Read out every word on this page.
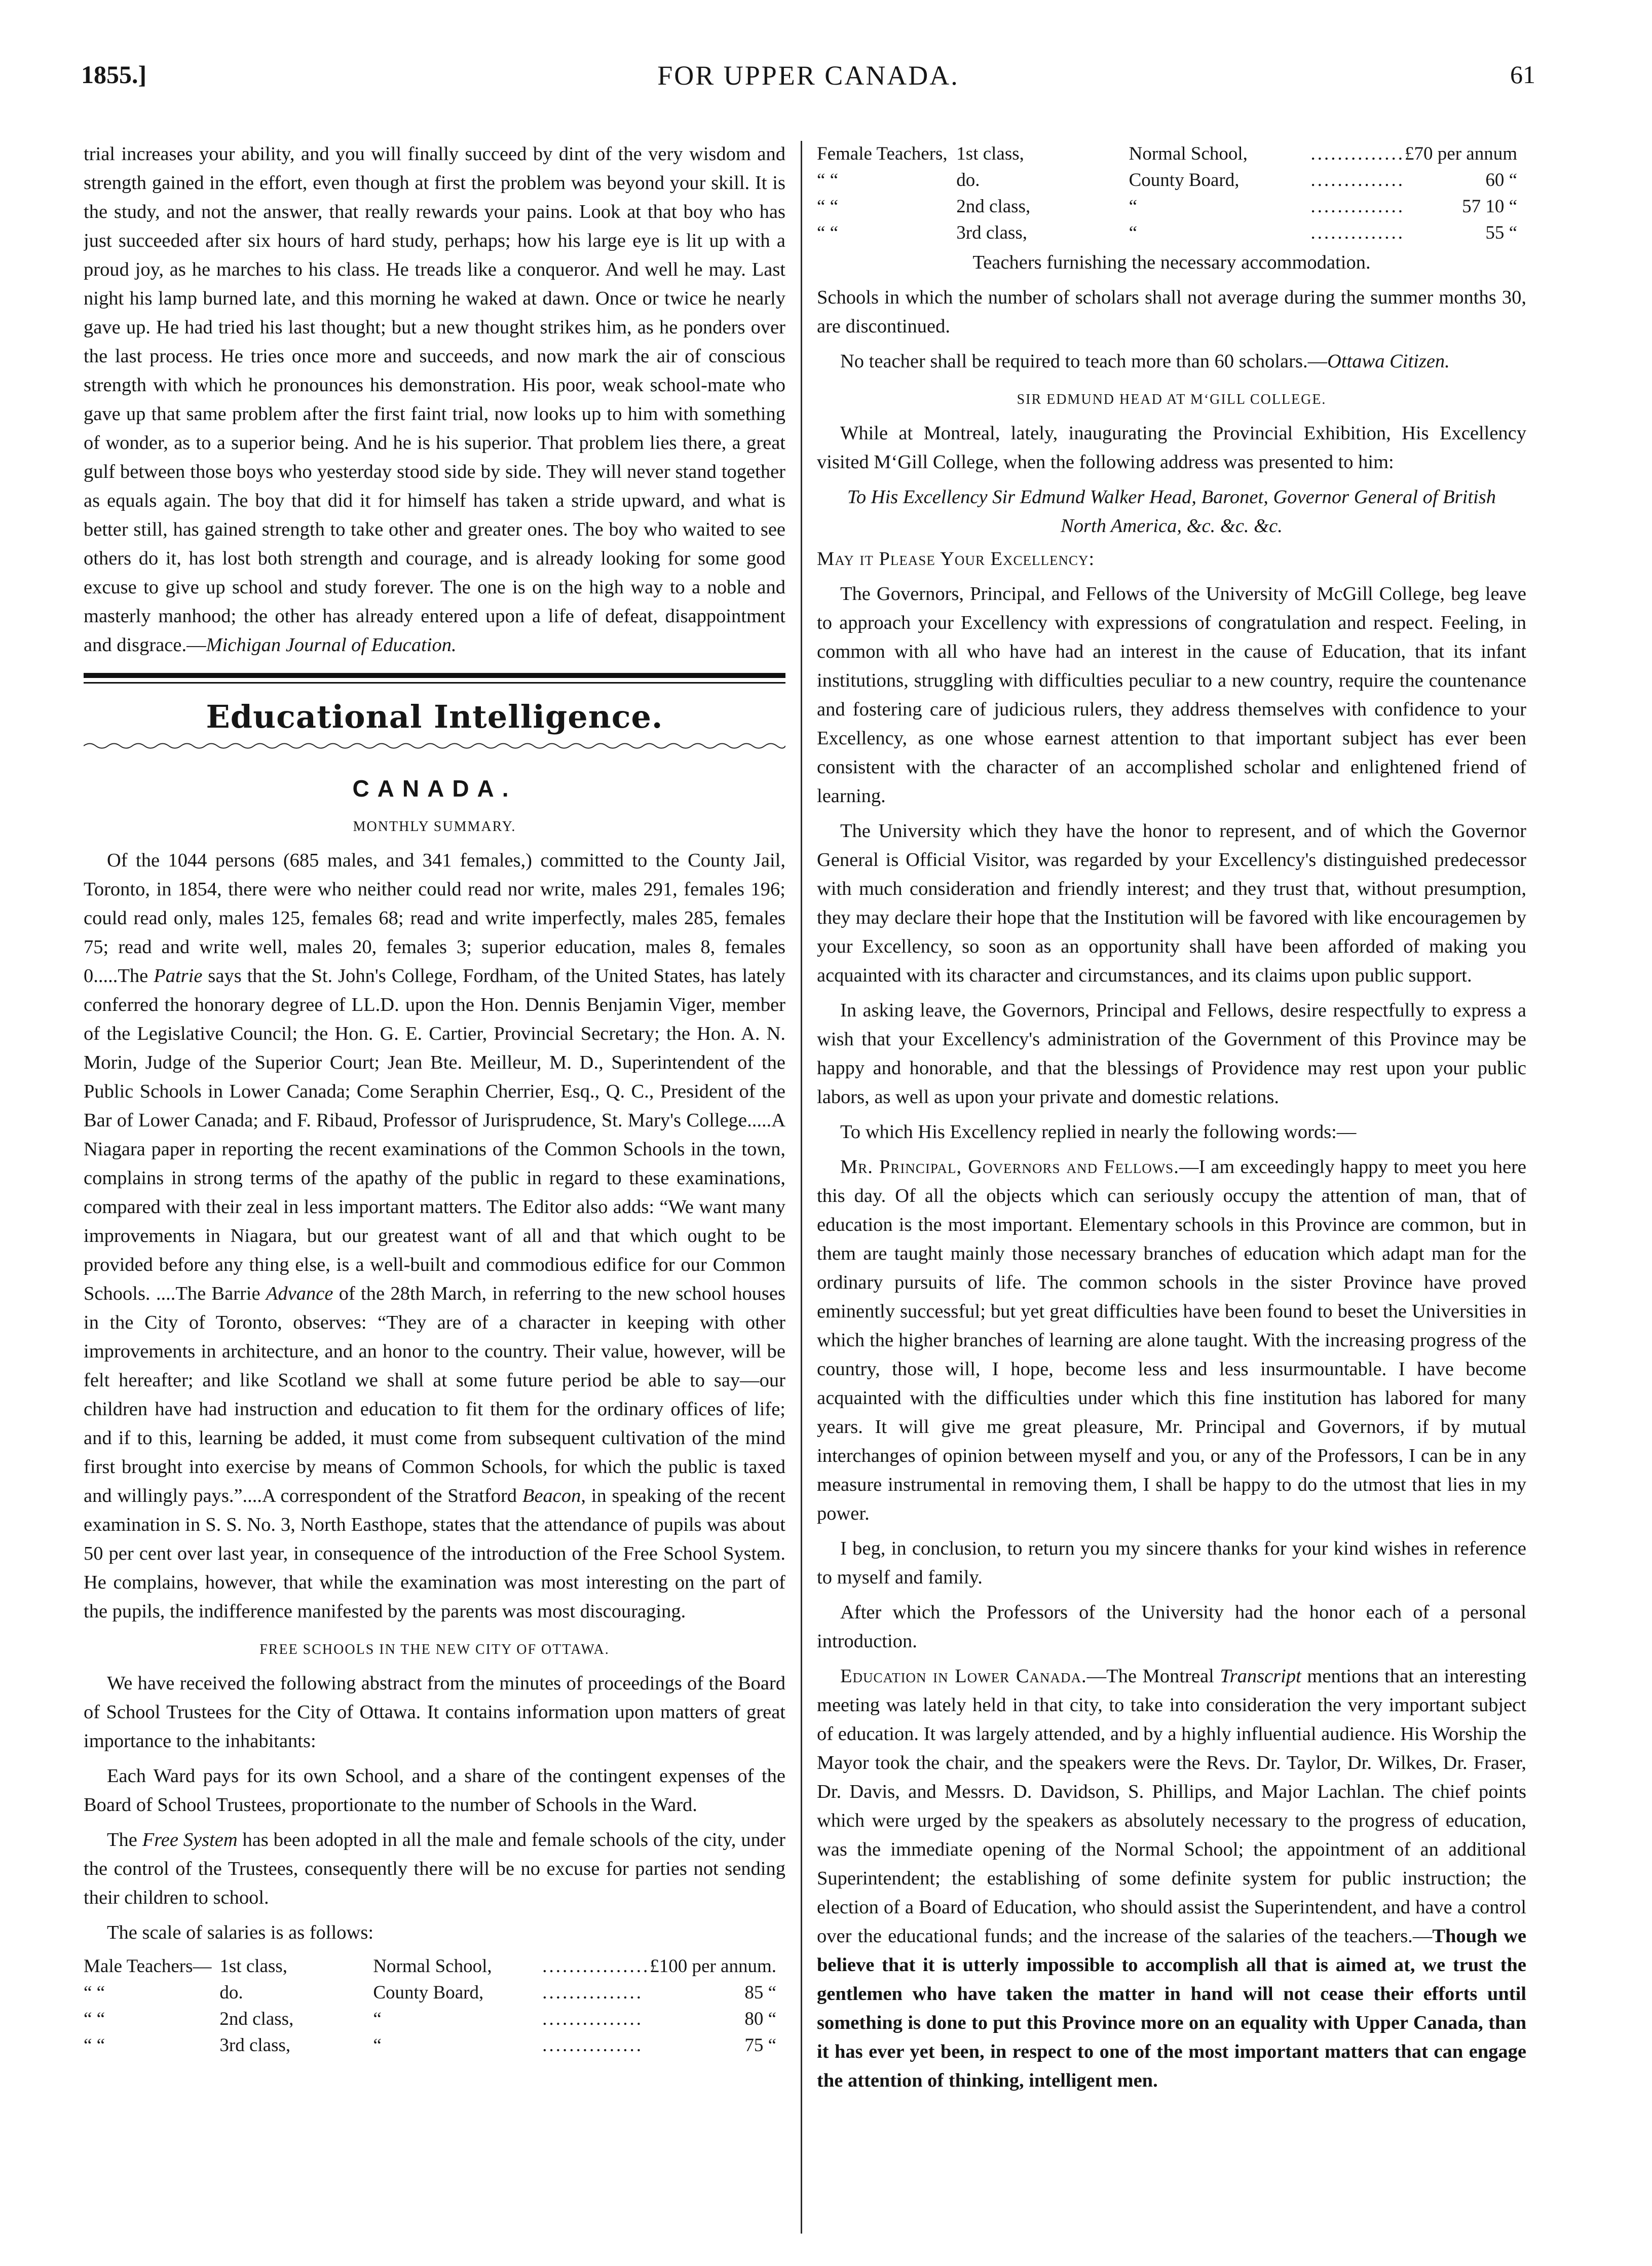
1855.]	FOR UPPER CANADA.	61

trial increases your ability, and you will finally succeed by dint of the very wisdom and strength gained in the effort, even though at first the problem was beyond your skill. It is the study, and not the answer, that really rewards your pains. Look at that boy who has just succeeded after six hours of hard study, perhaps; how his large eye is lit up with a proud joy, as he marches to his class. He treads like a conqueror. And well he may. Last night his lamp burned late, and this morning he waked at dawn. Once or twice he nearly gave up. He had tried his last thought; but a new thought strikes him, as he ponders over the last process. He tries once more and succeeds, and now mark the air of conscious strength with which he pronounces his demonstration. His poor, weak school-mate who gave up that same problem after the first faint trial, now looks up to him with something of wonder, as to a superior being. And he is his superior. That problem lies there, a great gulf between those boys who yesterday stood side by side. They will never stand together as equals again. The boy that did it for himself has taken a stride upward, and what is better still, has gained strength to take other and greater ones. The boy who waited to see others do it, has lost both strength and courage, and is already looking for some good excuse to give up school and study forever. The one is on the high way to a noble and masterly manhood; the other has already entered upon a life of defeat, disappointment and disgrace.—Michigan Journal of Education.

Educational Intelligence.
CANADA.
MONTHLY SUMMARY.

Of the 1044 persons (685 males, and 341 females,) committed to the County Jail, Toronto, in 1854, there were who neither could read nor write, males 291, females 196; could read only, males 125, females 68; read and write imperfectly, males 285, females 75; read and write well, males 20, females 3; superior education, males 8, females 0.....The Patrie says that the St. John's College, Fordham, of the United States, has lately conferred the honorary degree of LL.D. upon the Hon. Dennis Benjamin Viger, member of the Legislative Council; the Hon. G. E. Cartier, Provincial Secretary; the Hon. A. N. Morin, Judge of the Superior Court; Jean Bte. Meilleur, M. D., Superintendent of the Public Schools in Lower Canada; Come Seraphin Cherrier, Esq., Q. C., President of the Bar of Lower Canada; and F. Ribaud, Professor of Jurisprudence, St. Mary's College.....A Niagara paper in reporting the recent examinations of the Common Schools in the town, complains in strong terms of the apathy of the public in regard to these examinations, compared with their zeal in less important matters. The Editor also adds: “We want many improvements in Niagara, but our greatest want of all and that which ought to be provided before any thing else, is a well-built and commodious edifice for our Common Schools. ....The Barrie Advance of the 28th March, in referring to the new school houses in the City of Toronto, observes: “They are of a character in keeping with other improvements in architecture, and an honor to the country. Their value, however, will be felt hereafter; and like Scotland we shall at some future period be able to say—our children have had instruction and education to fit them for the ordinary offices of life; and if to this, learning be added, it must come from subsequent cultivation of the mind first brought into exercise by means of Common Schools, for which the public is taxed and willingly pays.”....A correspondent of the Stratford Beacon, in speaking of the recent examination in S. S. No. 3, North Easthope, states that the attendance of pupils was about 50 per cent over last year, in consequence of the introduction of the Free School System. He complains, however, that while the examination was most interesting on the part of the pupils, the indifference manifested by the parents was most discouraging.

FREE SCHOOLS IN THE NEW CITY OF OTTAWA.

We have received the following abstract from the minutes of proceedings of the Board of School Trustees for the City of Ottawa. It contains information upon matters of great importance to the inhabitants:

Each Ward pays for its own School, and a share of the contingent expenses of the Board of School Trustees, proportionate to the number of Schools in the Ward.

The Free System has been adopted in all the male and female schools of the city, under the control of the Trustees, consequently there will be no excuse for parties not sending their children to school.

The scale of salaries is as follows:

Male Teachers—	1st class,	Normal School,	................	£100 per annum.
“ “	do.	County Board,	...............	85 “
“ “	2nd class,	“	...............	80 “
“ “	3rd class,	“	...............	75 “
Female Teachers,	1st class,	Normal School,	..............	£70 per annum
“ “	do.	County Board,	..............	60 “
“ “	2nd class,	“	..............	57 10 “
“ “	3rd class,	“	..............	55 “
Teachers furnishing the necessary accommodation.

Schools in which the number of scholars shall not average during the summer months 30, are discontinued.

No teacher shall be required to teach more than 60 scholars.—Ottawa Citizen.

SIR EDMUND HEAD AT M‘GILL COLLEGE.

While at Montreal, lately, inaugurating the Provincial Exhibition, His Excellency visited M‘Gill College, when the following address was presented to him:

To His Excellency Sir Edmund Walker Head, Baronet, Governor General of British North America, &c. &c. &c.

May it Please Your Excellency:

The Governors, Principal, and Fellows of the University of McGill College, beg leave to approach your Excellency with expressions of congratulation and respect. Feeling, in common with all who have had an interest in the cause of Education, that its infant institutions, struggling with difficulties peculiar to a new country, require the countenance and fostering care of judicious rulers, they address themselves with confidence to your Excellency, as one whose earnest attention to that important subject has ever been consistent with the character of an accomplished scholar and enlightened friend of learning.

The University which they have the honor to represent, and of which the Governor General is Official Visitor, was regarded by your Excellency's distinguished predecessor with much consideration and friendly interest; and they trust that, without presumption, they may declare their hope that the Institution will be favored with like encouragemen by your Excellency, so soon as an opportunity shall have been afforded of making you acquainted with its character and circumstances, and its claims upon public support.

In asking leave, the Governors, Principal and Fellows, desire respectfully to express a wish that your Excellency's administration of the Government of this Province may be happy and honorable, and that the blessings of Providence may rest upon your public labors, as well as upon your private and domestic relations.

To which His Excellency replied in nearly the following words:—

Mr. Principal, Governors and Fellows.—I am exceedingly happy to meet you here this day. Of all the objects which can seriously occupy the attention of man, that of education is the most important. Elementary schools in this Province are common, but in them are taught mainly those necessary branches of education which adapt man for the ordinary pursuits of life. The common schools in the sister Province have proved eminently successful; but yet great difficulties have been found to beset the Universities in which the higher branches of learning are alone taught. With the increasing progress of the country, those will, I hope, become less and less insurmountable. I have become acquainted with the difficulties under which this fine institution has labored for many years. It will give me great pleasure, Mr. Principal and Governors, if by mutual interchanges of opinion between myself and you, or any of the Professors, I can be in any measure instrumental in removing them, I shall be happy to do the utmost that lies in my power.

I beg, in conclusion, to return you my sincere thanks for your kind wishes in reference to myself and family.

After which the Professors of the University had the honor each of a personal introduction.

Education in Lower Canada.—The Montreal Transcript mentions that an interesting meeting was lately held in that city, to take into consideration the very important subject of education. It was largely attended, and by a highly influential audience. His Worship the Mayor took the chair, and the speakers were the Revs. Dr. Taylor, Dr. Wilkes, Dr. Fraser, Dr. Davis, and Messrs. D. Davidson, S. Phillips, and Major Lachlan. The chief points which were urged by the speakers as absolutely necessary to the progress of education, was the immediate opening of the Normal School; the appointment of an additional Superintendent; the establishing of some definite system for public instruction; the election of a Board of Education, who should assist the Superintendent, and have a control over the educational funds; and the increase of the salaries of the teachers.—Though we believe that it is utterly impossible to accomplish all that is aimed at, we trust the gentlemen who have taken the matter in hand will not cease their efforts until something is done to put this Province more on an equality with Upper Canada, than it has ever yet been, in respect to one of the most important matters that can engage the attention of thinking, intelligent men.
